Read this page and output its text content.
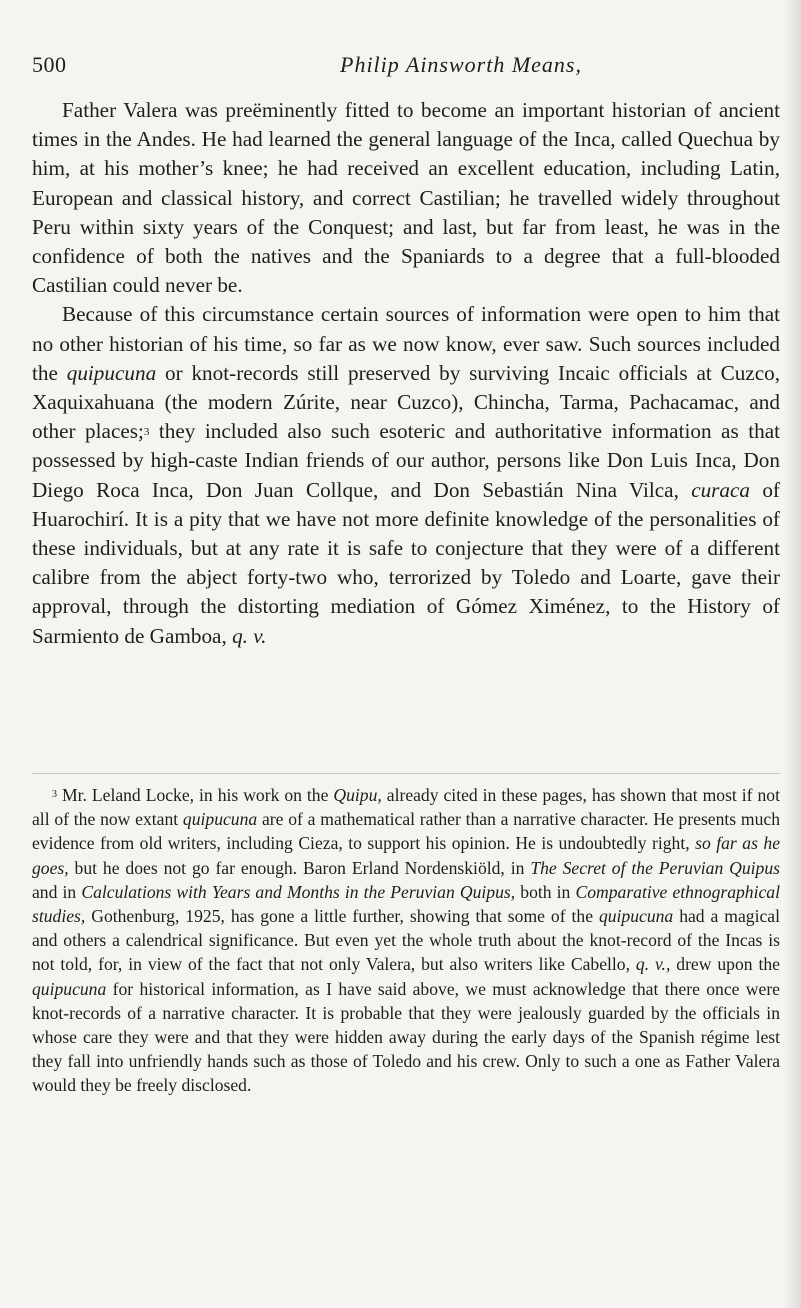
500	Philip Ainsworth Means,

Father Valera was preëminently fitted to become an important historian of ancient times in the Andes. He had learned the general language of the Inca, called Quechua by him, at his mother’s knee; he had received an excellent education, including Latin, European and classical history, and correct Castilian; he travelled widely throughout Peru within sixty years of the Conquest; and last, but far from least, he was in the confidence of both the natives and the Spaniards to a degree that a full-blooded Castilian could never be.

Because of this circumstance certain sources of information were open to him that no other historian of his time, so far as we now know, ever saw. Such sources included the quipucuna or knot-records still preserved by surviving Incaic officials at Cuzco, Xaquixahuana (the modern Zúrite, near Cuzco), Chincha, Tarma, Pachacamac, and other places;$^3$ they included also such esoteric and authoritative information as that possessed by high-caste Indian friends of our author, persons like Don Luis Inca, Don Diego Roca Inca, Don Juan Collque, and Don Sebastián Nina Vilca, curaca of Huarochirí. It is a pity that we have not more definite knowledge of the personalities of these individuals, but at any rate it is safe to conjecture that they were of a different calibre from the abject forty-two who, terrorized by Toledo and Loarte, gave their approval, through the distorting mediation of Gómez Ximénez, to the History of Sarmiento de Gamboa, q. v.

$^3$ Mr. Leland Locke, in his work on the Quipu, already cited in these pages, has shown that most if not all of the now extant quipucuna are of a mathematical rather than a narrative character. He presents much evidence from old writers, including Cieza, to support his opinion. He is undoubtedly right, so far as he goes, but he does not go far enough. Baron Erland Nordenskiöld, in The Secret of the Peruvian Quipus and in Calculations with Years and Months in the Peruvian Quipus, both in Comparative ethnographical studies, Gothenburg, 1925, has gone a little further, showing that some of the quipucuna had a magical and others a calendrical significance. But even yet the whole truth about the knot-record of the Incas is not told, for, in view of the fact that not only Valera, but also writers like Cabello, q. v., drew upon the quipucuna for historical information, as I have said above, we must acknowledge that there once were knot-records of a narrative character. It is probable that they were jealously guarded by the officials in whose care they were and that they were hidden away during the early days of the Spanish régime lest they fall into unfriendly hands such as those of Toledo and his crew. Only to such a one as Father Valera would they be freely disclosed.
